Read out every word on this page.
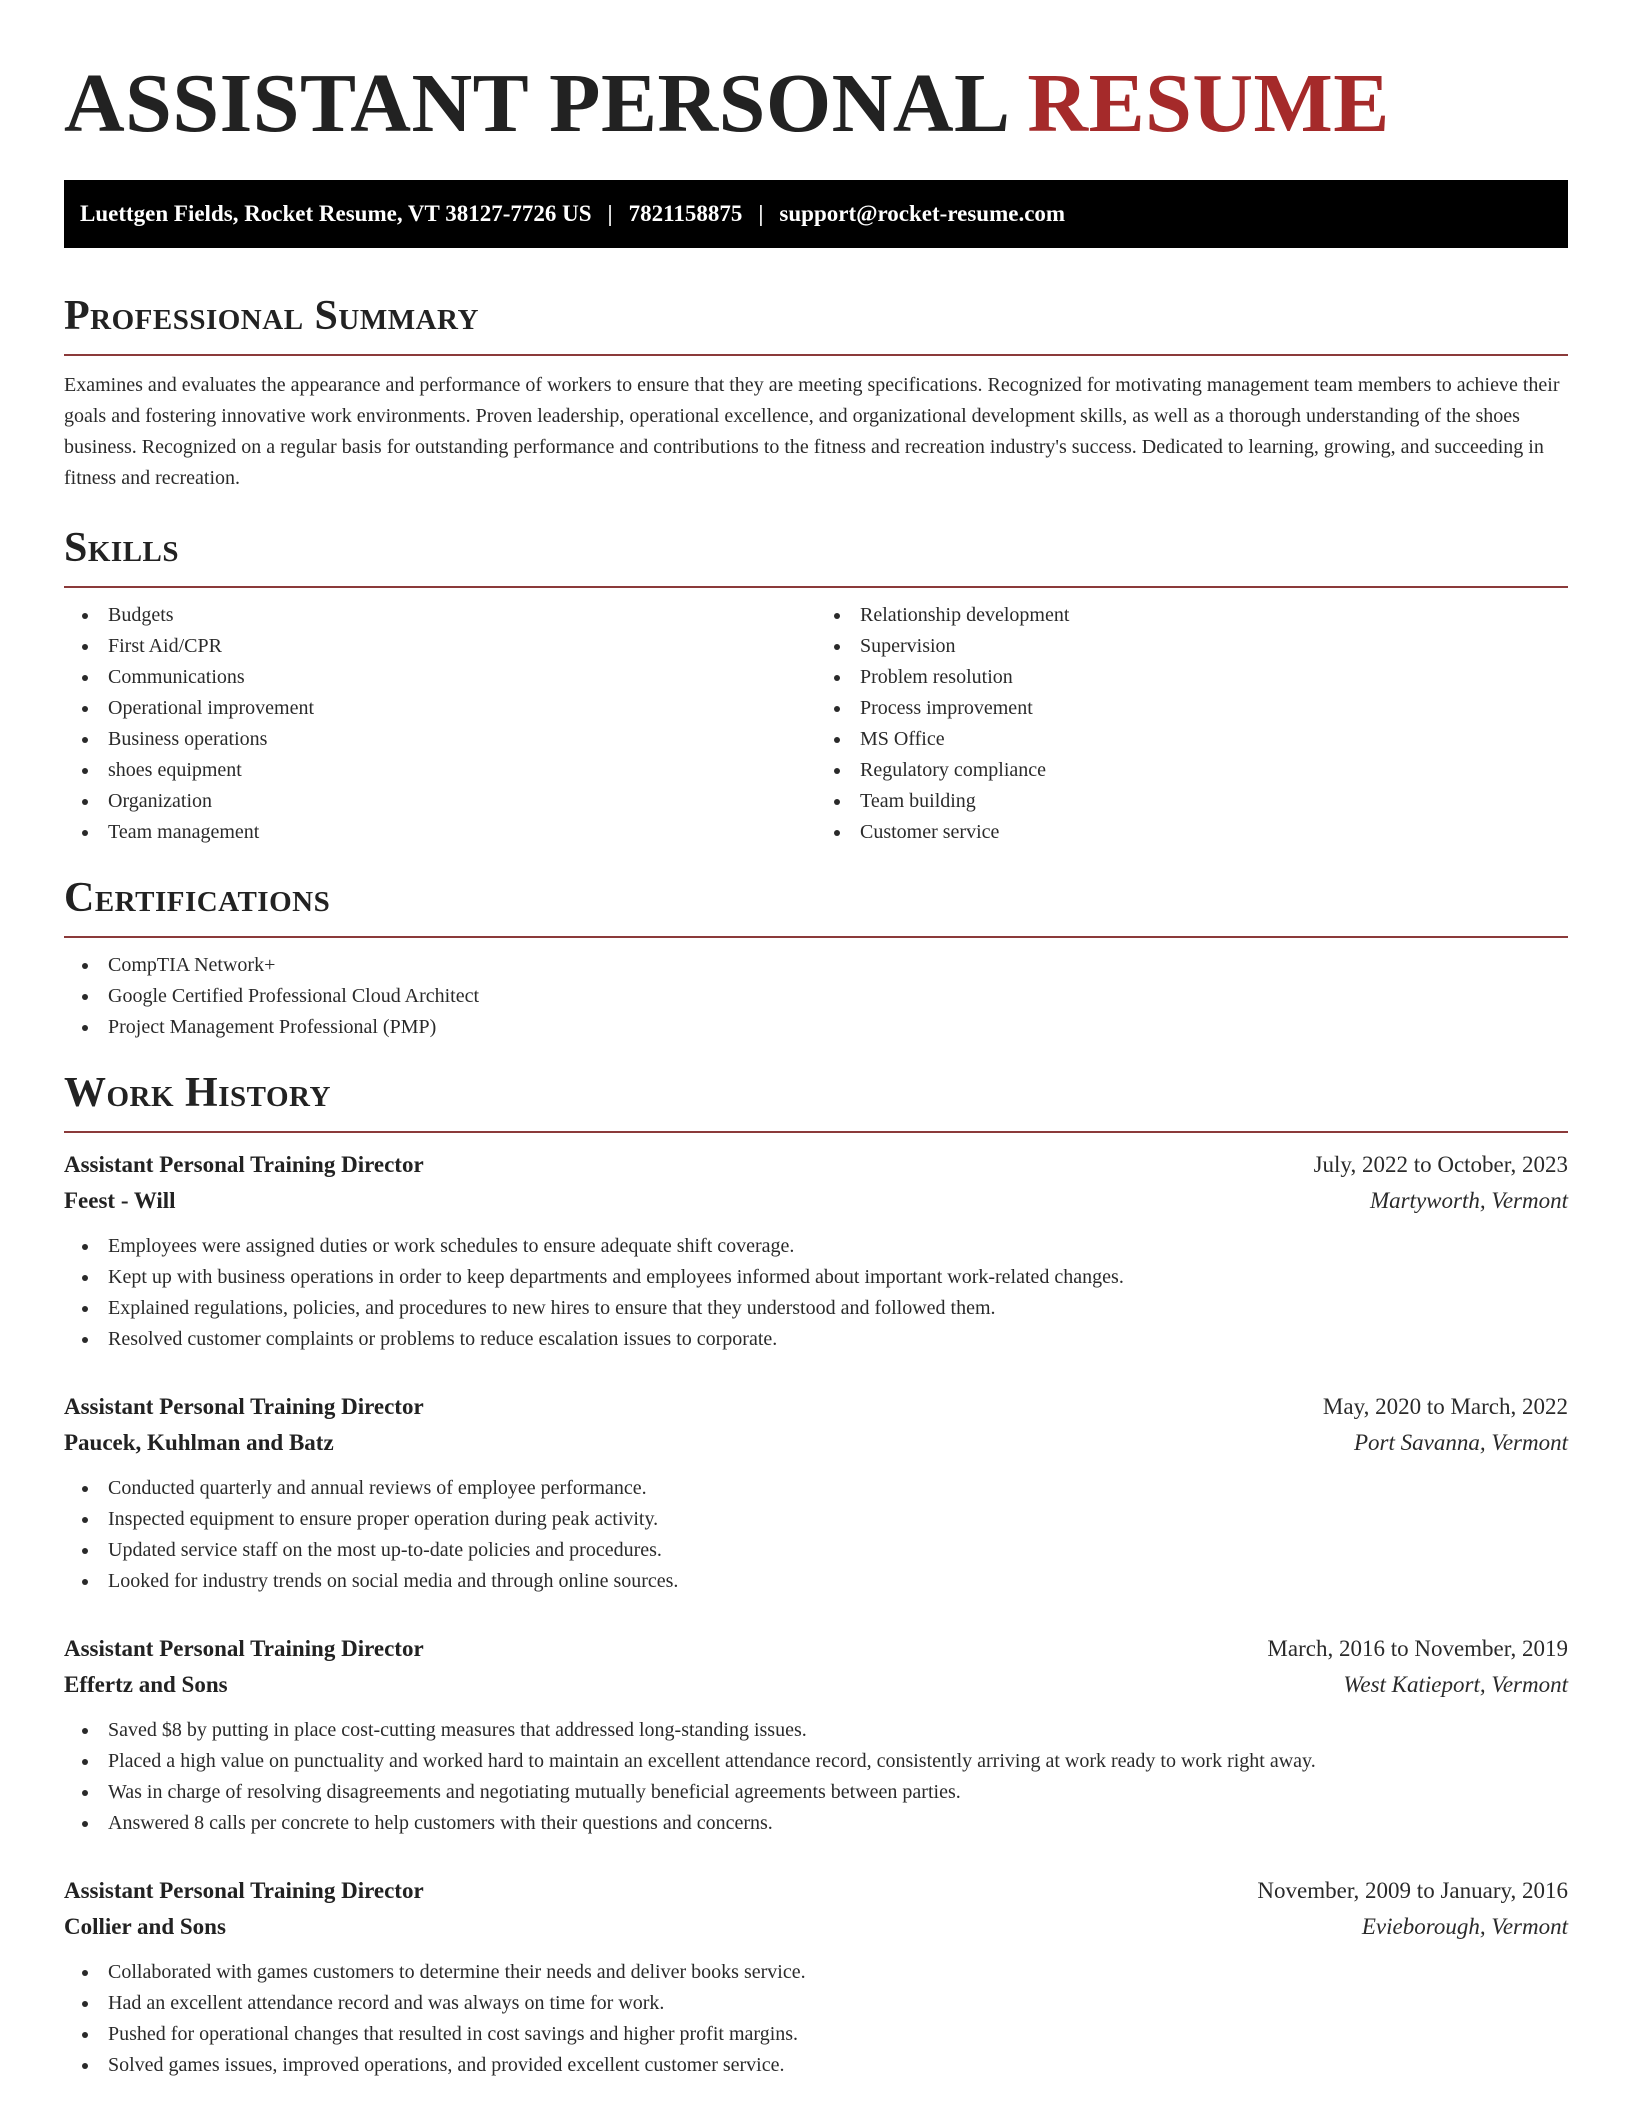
ASSISTANT PERSONAL RESUME
Luettgen Fields, Rocket Resume, VT 38127-7726 US | 7821158875 | support@rocket-resume.com
Professional Summary

Examines and evaluates the appearance and performance of workers to ensure that they are meeting specifications. Recognized for motivating management team members to achieve their goals and fostering innovative work environments. Proven leadership, operational excellence, and organizational development skills, as well as a thorough understanding of the shoes business. Recognized on a regular basis for outstanding performance and contributions to the fitness and recreation industry's success. Dedicated to learning, growing, and succeeding in fitness and recreation.

Skills
Budgets
First Aid/CPR
Communications
Operational improvement
Business operations
shoes equipment
Organization
Team management
Relationship development
Supervision
Problem resolution
Process improvement
MS Office
Regulatory compliance
Team building
Customer service
Certifications
CompTIA Network+
Google Certified Professional Cloud Architect
Project Management Professional (PMP)
Work History
Assistant Personal Training Director	July, 2022 to October, 2023
Feest - Will	Martyworth, Vermont
Employees were assigned duties or work schedules to ensure adequate shift coverage.
Kept up with business operations in order to keep departments and employees informed about important work-related changes.
Explained regulations, policies, and procedures to new hires to ensure that they understood and followed them.
Resolved customer complaints or problems to reduce escalation issues to corporate.
Assistant Personal Training Director	May, 2020 to March, 2022
Paucek, Kuhlman and Batz	Port Savanna, Vermont
Conducted quarterly and annual reviews of employee performance.
Inspected equipment to ensure proper operation during peak activity.
Updated service staff on the most up-to-date policies and procedures.
Looked for industry trends on social media and through online sources.
Assistant Personal Training Director	March, 2016 to November, 2019
Effertz and Sons	West Katieport, Vermont
Saved $8 by putting in place cost-cutting measures that addressed long-standing issues.
Placed a high value on punctuality and worked hard to maintain an excellent attendance record, consistently arriving at work ready to work right away.
Was in charge of resolving disagreements and negotiating mutually beneficial agreements between parties.
Answered 8 calls per concrete to help customers with their questions and concerns.
Assistant Personal Training Director	November, 2009 to January, 2016
Collier and Sons	Evieborough, Vermont
Collaborated with games customers to determine their needs and deliver books service.
Had an excellent attendance record and was always on time for work.
Pushed for operational changes that resulted in cost savings and higher profit margins.
Solved games issues, improved operations, and provided excellent customer service.
